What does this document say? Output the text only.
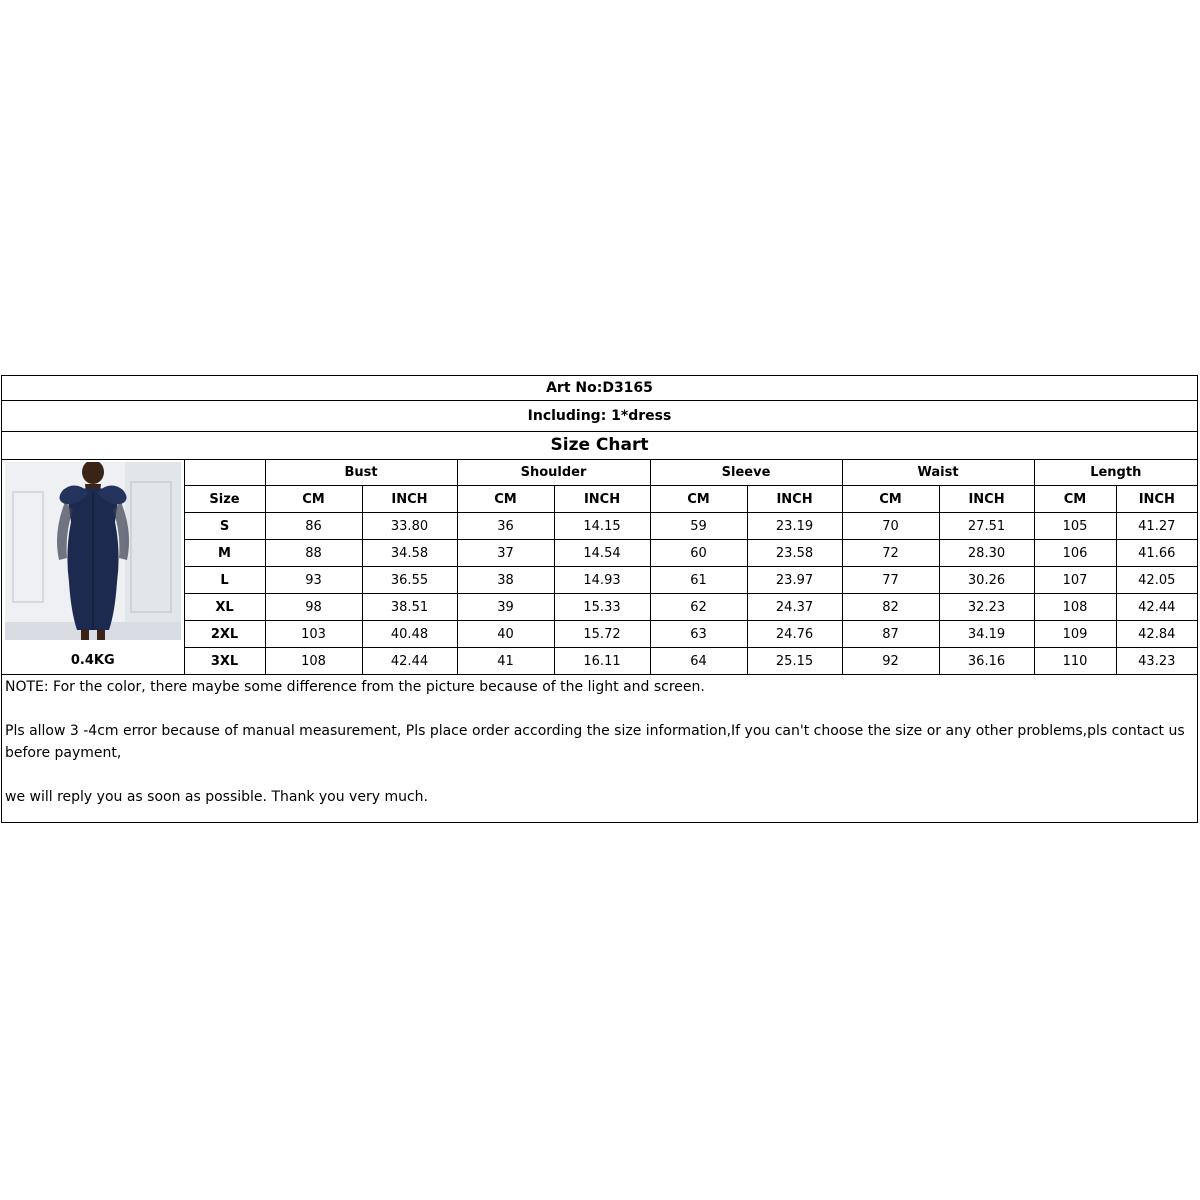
Art No:D3165
Including: 1*dress
Size Chart
		Bust		Shoulder		Sleeve		Waist		Length	
	Size	CM	INCH	CM	INCH	CM	INCH	CM	INCH	CM	INCH
	S	86	33.80	36	14.15	59	23.19	70	27.51	105	41.27
	M	88	34.58	37	14.54	60	23.58	72	28.30	106	41.66
	L	93	36.55	38	14.93	61	23.97	77	30.26	107	42.05
	XL	98	38.51	39	15.33	62	24.37	82	32.23	108	42.44
	2XL	103	40.48	40	15.72	63	24.76	87	34.19	109	42.84
0.4KG	3XL	108	42.44	41	16.11	64	25.15	92	36.16	110	43.23

NOTE: For the color, there maybe some difference from the picture because of the light and screen.

Pls allow 3 -4cm error because of manual measurement, Pls place order according the size information,If you can't choose the size or any other problems,pls contact us before payment,

we will reply you as soon as possible. Thank you very much.
